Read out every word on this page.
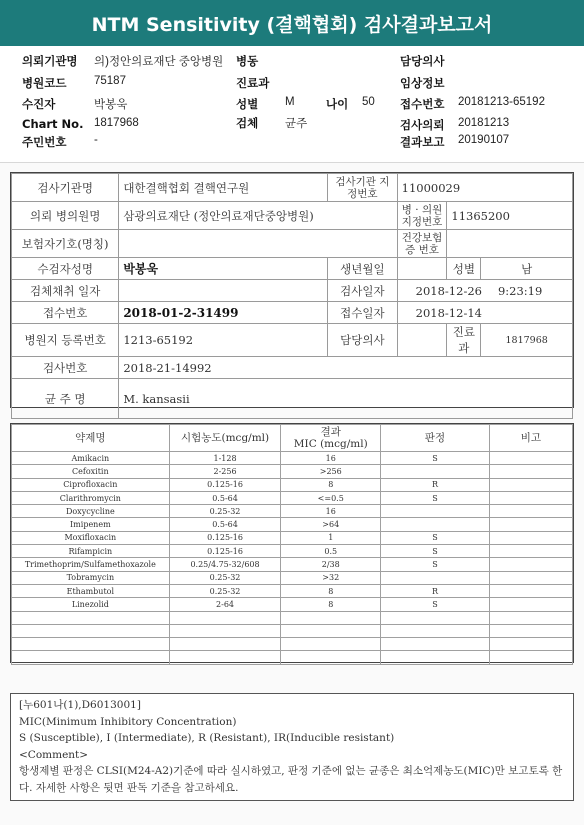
NTM Sensitivity (결핵협회) 검사결과보고서
의뢰기관명 의)정안의료재단 중앙병원 병동	담당의사
병원코드 75187	진료과	임상정보
수진자	박봉욱	성별 M	나이 50 접수번호 20181213-65192
Chart No. 1817968	검체 균주	검사의뢰 20181213
주민번호 -	결과보고 20190107
검사기관명	대한결핵협회 결핵연구원	검사기관 지정번호	11000029		
의뢰 병의원명	삼광의료재단 (정안의료재단중앙병원)		병 · 의원 지정번호	11365200	
보험자기호(명칭)			건강보험 증 번호		
수검자성명	박봉욱	생년월일		성별	남
검체채취 일자		검사일자	2018-12-26 9:23:19		
접수번호	2018-01-2-31499	접수일자	2018-12-14		
병원지 등록번호	1213-65192	담당의사		진료과	1817968
검사번호	2018-21-14992				
균 주 명	M. kansasii				
약제명	시험농도(mcg/ml)	결과
MIC (mcg/ml)	판정	비고
Amikacin	1-128	16	S	
Cefoxitin	2-256	>256		
Ciprofloxacin	0.125-16	8	R	
Clarithromycin	0.5-64	<=0.5	S	
Doxycycline	0.25-32	16		
Imipenem	0.5-64	>64		
Moxifloxacin	0.125-16	1	S	
Rifampicin	0.125-16	0.5	S	
Trimethoprim/Sulfamethoxazole	0.25/4.75-32/608	2/38	S	
Tobramycin	0.25-32	>32		
Ethambutol	0.25-32	8	R	
Linezolid	2-64	8	S	

[누601나(1),D6013001]

MIC(Minimum Inhibitory Concentration)

S (Susceptible), I (Intermediate), R (Resistant), IR(Inducible resistant)

<Comment>

항생제별 판정은 CLSI(M24-A2)기준에 따라 실시하였고, 판정 기준에 없는 균종은 최소억제농도(MIC)만 보고토록 한다. 자세한 사항은 뒷면 판독 기준을 참고하세요.
